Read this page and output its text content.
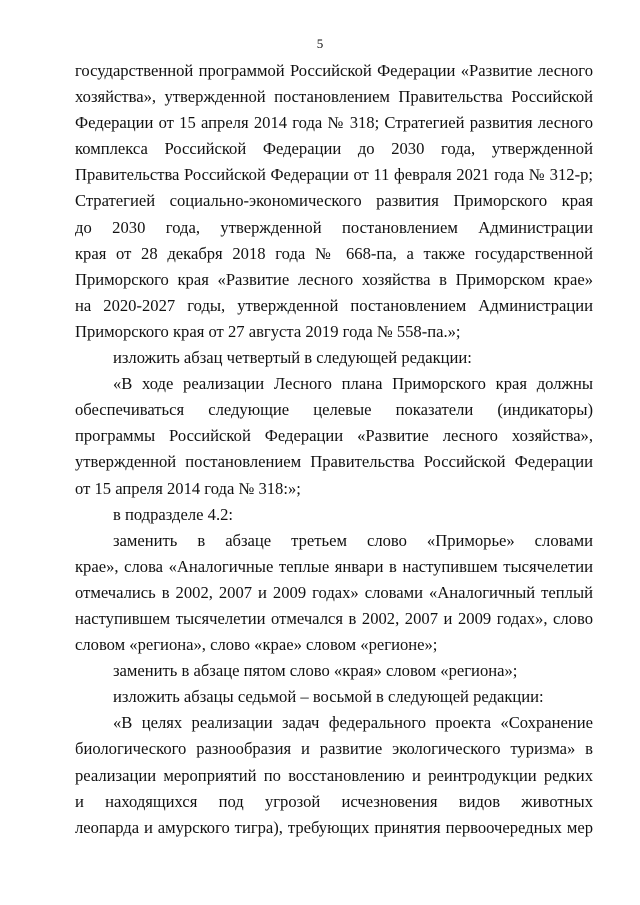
5
государственной программой Российской Федерации «Развитие лесного
хозяйства», утвержденной постановлением Правительства Российской
Федерации от 15 апреля 2014 года № 318; Стратегией развития лесного
комплекса Российской Федерации до 2030 года, утвержденной
Правительства Российской Федерации от 11 февраля 2021 года № 312-р;
Стратегией социально-экономического развития Приморского края
до 2030 года, утвержденной постановлением Администрации
края от 28 декабря 2018 года № 668-па, а также государственной
Приморского края «Развитие лесного хозяйства в Приморском крае»
на 2020-2027 годы, утвержденной постановлением Администрации
Приморского края от 27 августа 2019 года № 558-па.»;
изложить абзац четвертый в следующей редакции:
«В ходе реализации Лесного плана Приморского края должны
обеспечиваться следующие целевые показатели (индикаторы)
программы Российской Федерации «Развитие лесного хозяйства»,
утвержденной постановлением Правительства Российской Федерации
от 15 апреля 2014 года № 318:»;
в подразделе 4.2:
заменить в абзаце третьем слово «Приморье» словами
крае», слова «Аналогичные теплые январи в наступившем тысячелетии
отмечались в 2002, 2007 и 2009 годах» словами «Аналогичный теплый
наступившем тысячелетии отмечался в 2002, 2007 и 2009 годах», слово
словом «региона», слово «крае» словом «регионе»;
заменить в абзаце пятом слово «края» словом «региона»;
изложить абзацы седьмой – восьмой в следующей редакции:
«В целях реализации задач федерального проекта «Сохранение
биологического разнообразия и развитие экологического туризма» в
реализации мероприятий по восстановлению и реинтродукции редких
и находящихся под угрозой исчезновения видов животных
леопарда и амурского тигра), требующих принятия первоочередных мер
